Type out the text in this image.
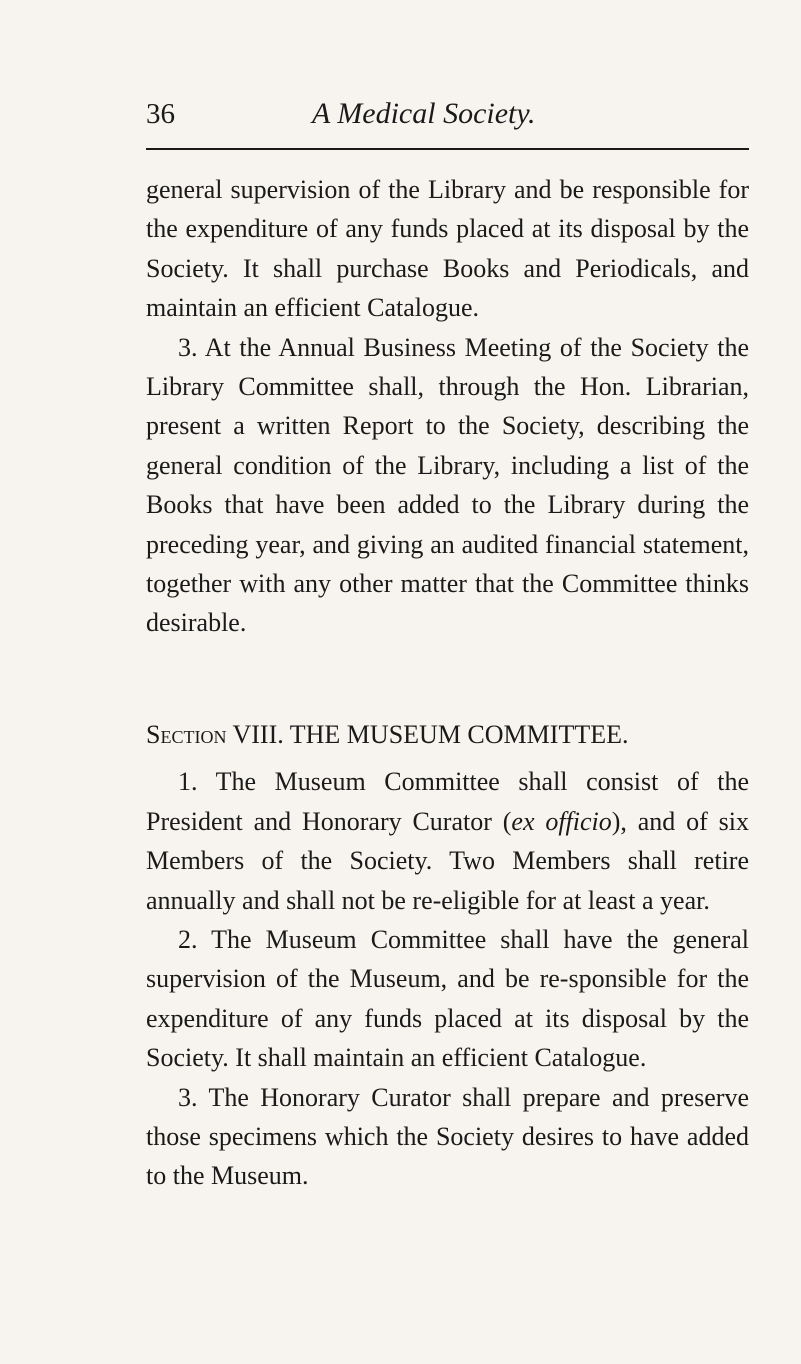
36	A Medical Society.

general supervision of the Library and be responsible for the expenditure of any funds placed at its disposal by the Society. It shall purchase Books and Periodicals, and maintain an efficient Catalogue.

3. At the Annual Business Meeting of the Society the Library Committee shall, through the Hon. Librarian, present a written Report to the Society, describing the general condition of the Library, including a list of the Books that have been added to the Library during the preceding year, and giving an audited financial statement, together with any other matter that the Committee thinks desirable.

Section VIII. THE MUSEUM COMMITTEE.

1. The Museum Committee shall consist of the President and Honorary Curator (ex officio), and of six Members of the Society. Two Members shall retire annually and shall not be re-eligible for at least a year.

2. The Museum Committee shall have the general supervision of the Museum, and be re-sponsible for the expenditure of any funds placed at its disposal by the Society. It shall maintain an efficient Catalogue.

3. The Honorary Curator shall prepare and preserve those specimens which the Society desires to have added to the Museum.
